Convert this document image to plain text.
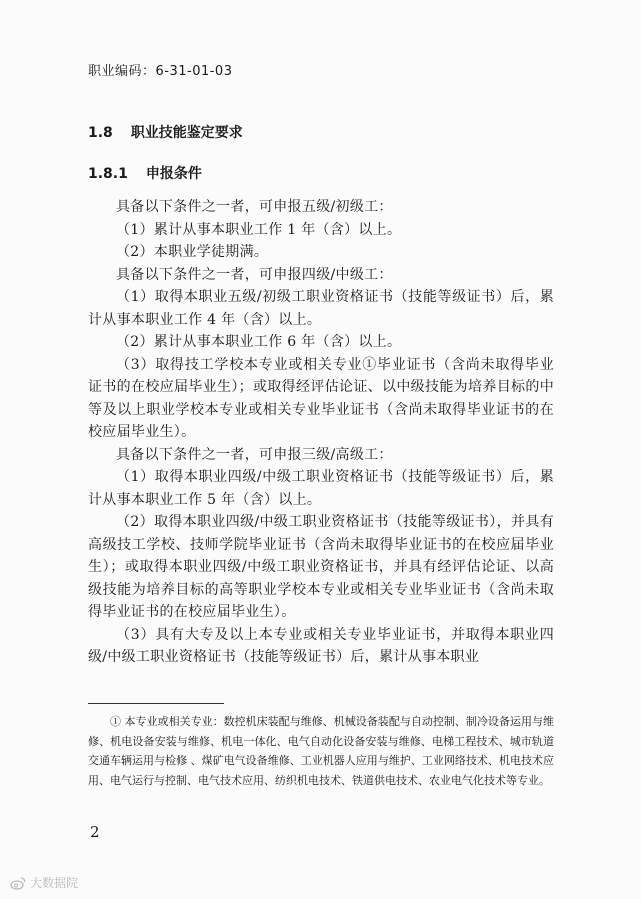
职业编码：6-31-01-03
1.8 职业技能鉴定要求
1.8.1 申报条件

具备以下条件之一者，可申报五级/初级工：

（1）累计从事本职业工作 1 年（含）以上。

（2）本职业学徒期满。

具备以下条件之一者，可申报四级/中级工：

（1）取得本职业五级/初级工职业资格证书（技能等级证书）后，累计从事本职业工作 4 年（含）以上。

（2）累计从事本职业工作 6 年（含）以上。

（3）取得技工学校本专业或相关专业①毕业证书（含尚未取得毕业证书的在校应届毕业生）；或取得经评估论证、以中级技能为培养目标的中等及以上职业学校本专业或相关专业毕业证书（含尚未取得毕业证书的在校应届毕业生）。

具备以下条件之一者，可申报三级/高级工：

（1）取得本职业四级/中级工职业资格证书（技能等级证书）后，累计从事本职业工作 5 年（含）以上。

（2）取得本职业四级/中级工职业资格证书（技能等级证书），并具有高级技工学校、技师学院毕业证书（含尚未取得毕业证书的在校应届毕业生）；或取得本职业四级/中级工职业资格证书，并具有经评估论证、以高级技能为培养目标的高等职业学校本专业或相关专业毕业证书（含尚未取得毕业证书的在校应届毕业生）。

（3）具有大专及以上本专业或相关专业毕业证书，并取得本职业四级/中级工职业资格证书（技能等级证书）后，累计从事本职业

① 本专业或相关专业：数控机床装配与维修、机械设备装配与自动控制、制冷设备运用与维修、机电设备安装与维修、机电一体化、电气自动化设备安装与维修、电梯工程技术、城市轨道交通车辆运用与检修 、煤矿电气设备维修、工业机器人应用与维护、工业网络技术、机电技术应用、电气运行与控制、电气技术应用、纺织机电技术、铁道供电技术、农业电气化技术等专业。

2
大数据院
